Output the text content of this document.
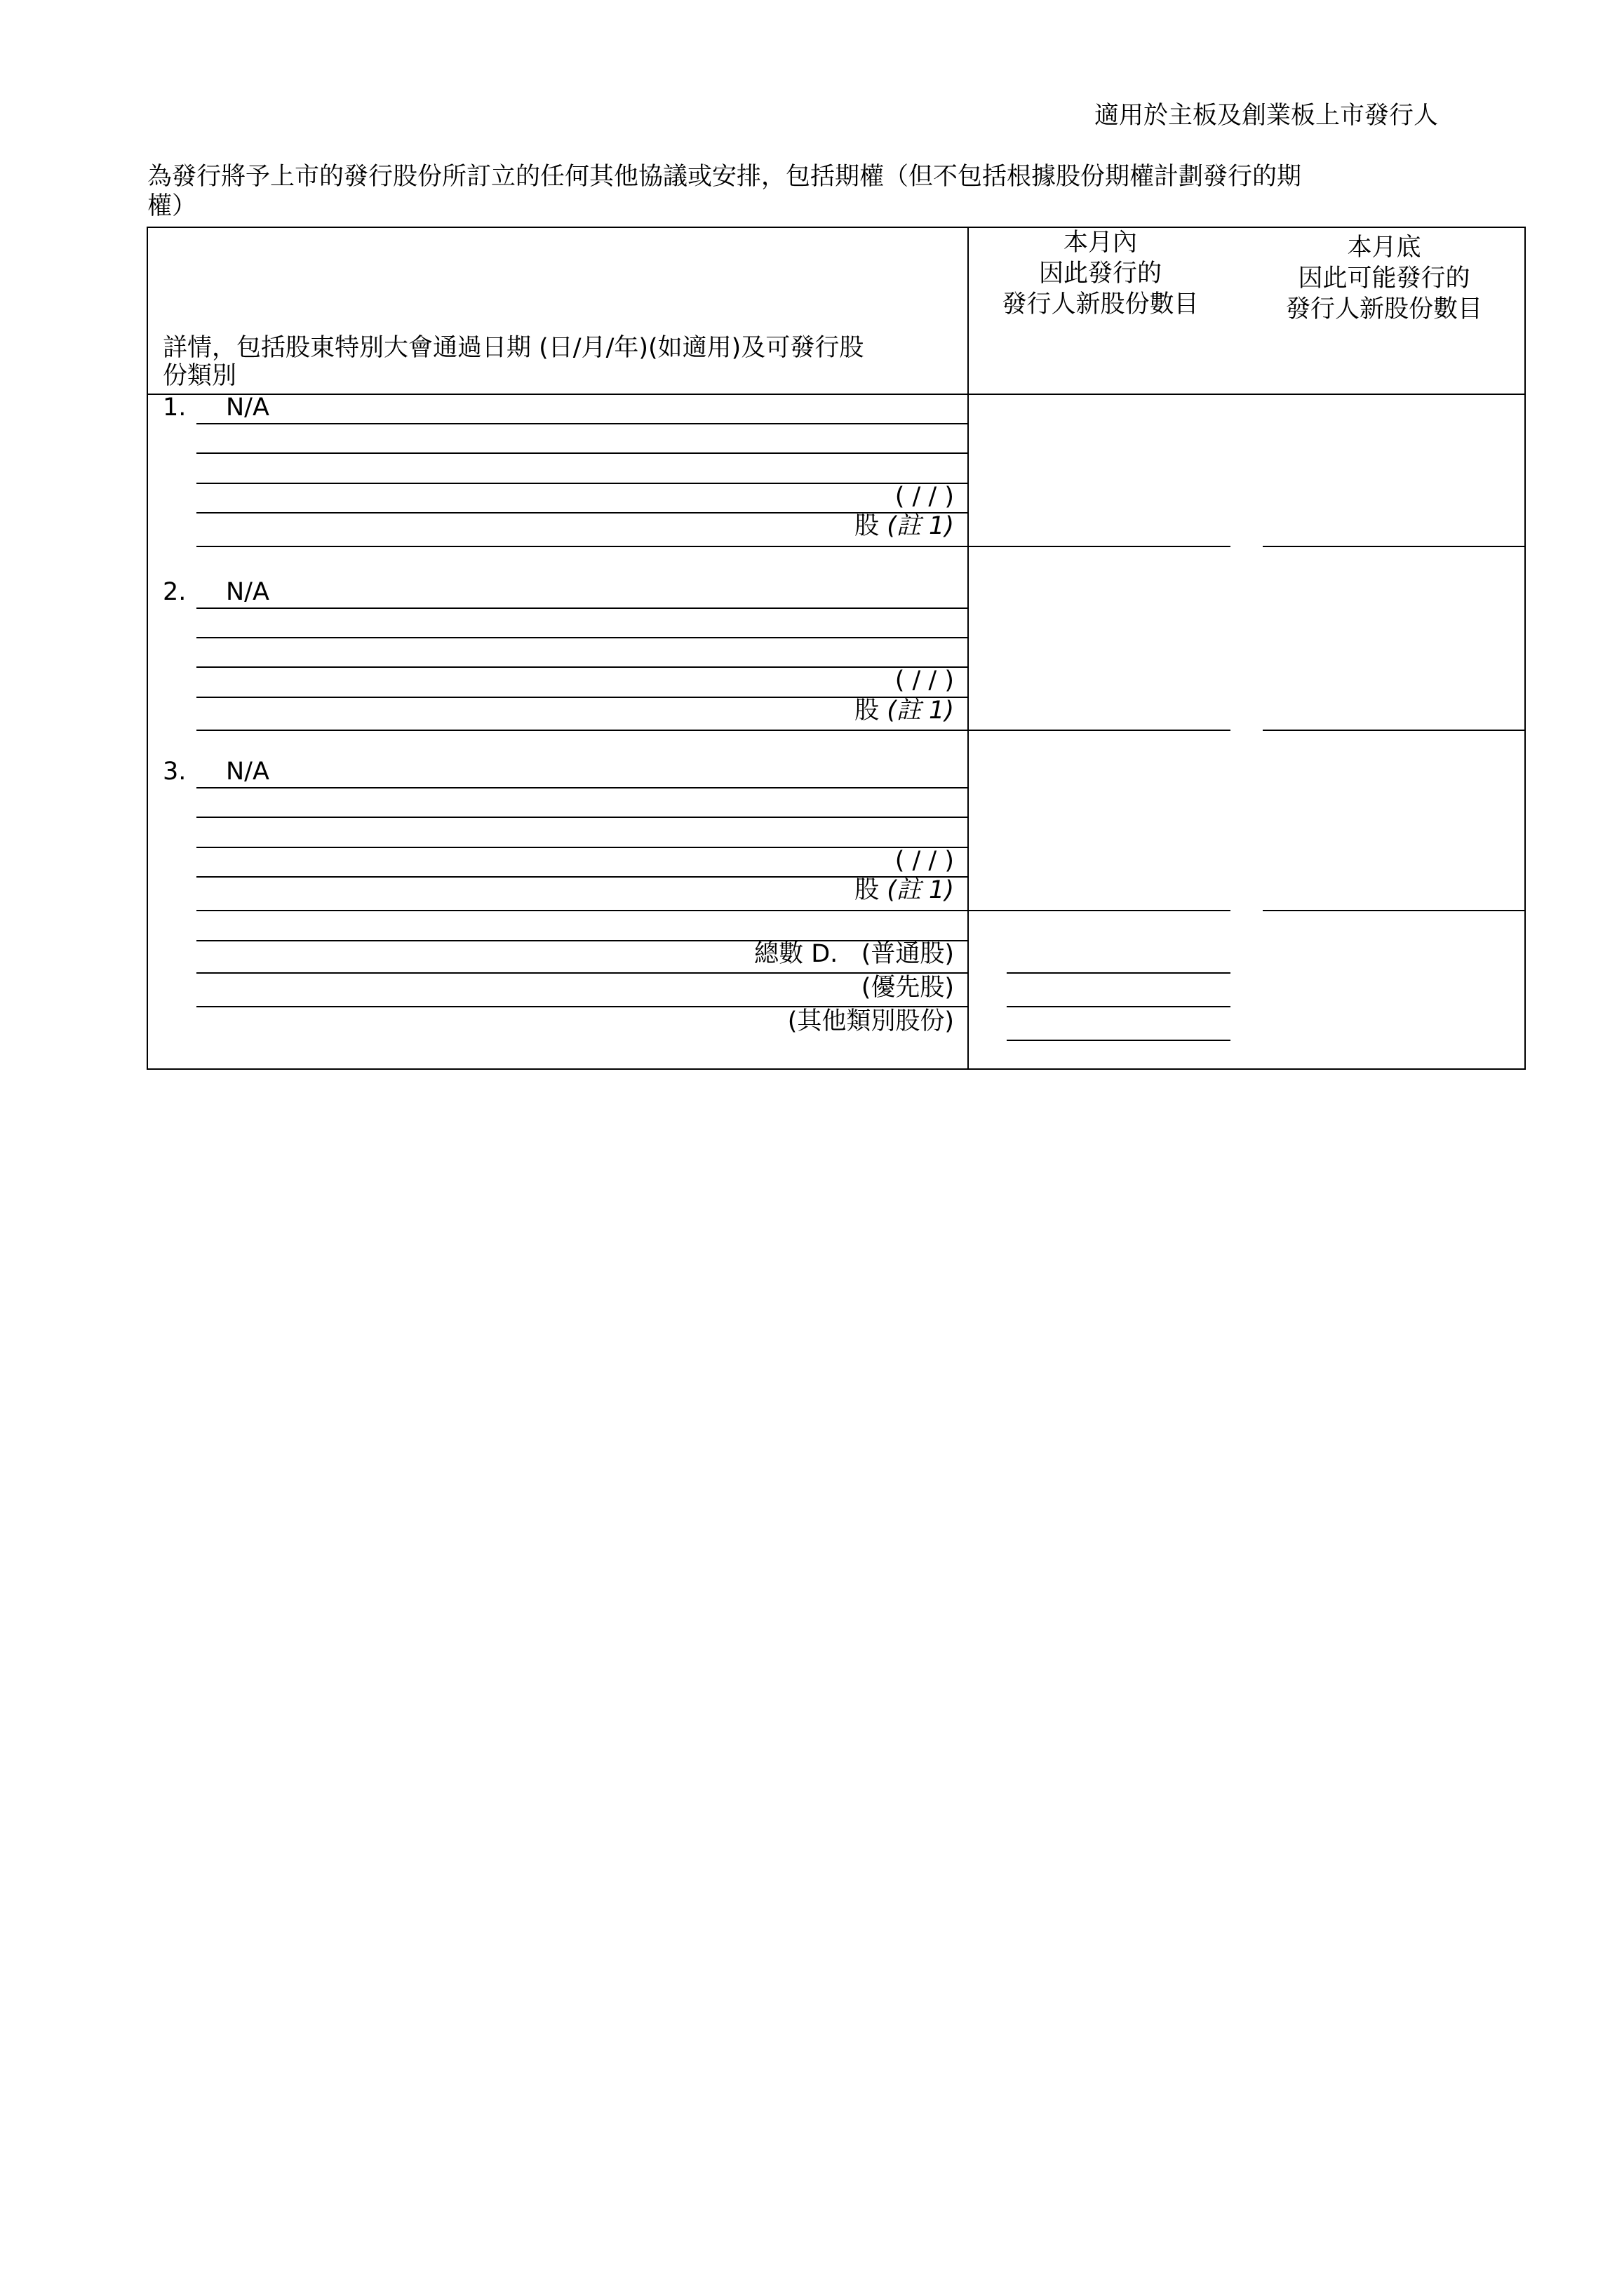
適用於主板及創業板上市發行人
為發行將予上市的發行股份所訂立的任何其他協議或安排，包括期權（但不包括根據股份期權計劃發行的期
權）
詳情，包括股東特別大會通過日期 (日/月/年)(如適用)及可發行股
份類別
本月內
因此發行的
發行人新股份數目
本月底
因此可能發行的
發行人新股份數目
1. N/A
( / / )
股 (註 1)
2. N/A
( / / )
股 (註 1)
3. N/A
( / / )
股 (註 1)
總數 D. (普通股)
(優先股)
(其他類別股份)
